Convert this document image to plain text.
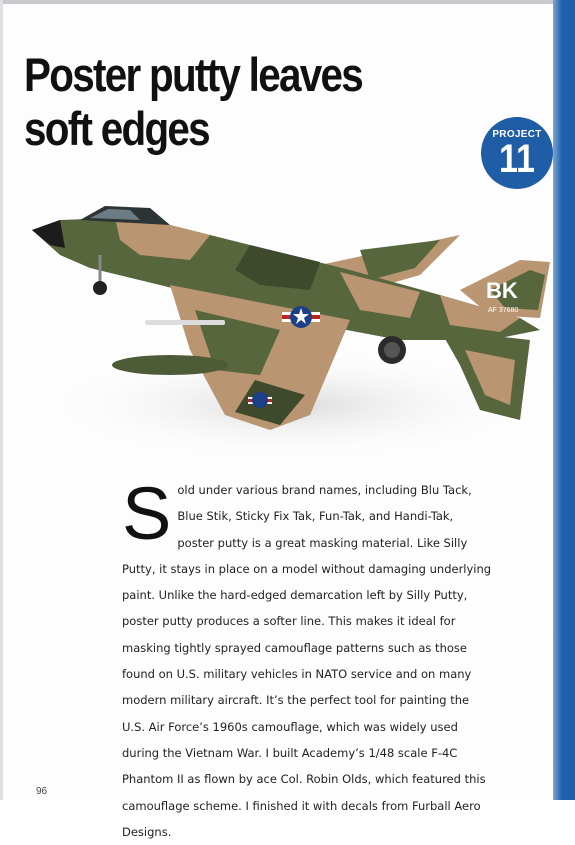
Poster putty leaves soft edges	PROJECT
11
BK
AF 37680

Sold under various brand names, including Blu Tack, Blue Stik, Sticky Fix Tak, Fun-Tak, and Handi-Tak, poster putty is a great masking material. Like Silly Putty, it stays in place on a model without damaging underlying paint. Unlike the hard-edged demarcation left by Silly Putty, poster putty produces a softer line. This makes it ideal for masking tightly sprayed camouflage patterns such as those found on U.S. military vehicles in NATO service and on many modern military aircraft. It’s the perfect tool for painting the U.S. Air Force’s 1960s camouflage, which was widely used during the Vietnam War. I built Academy’s 1/48 scale F-4C Phantom II as flown by ace Col. Robin Olds, which featured this camouflage scheme. I finished it with decals from Furball Aero Designs.

96
